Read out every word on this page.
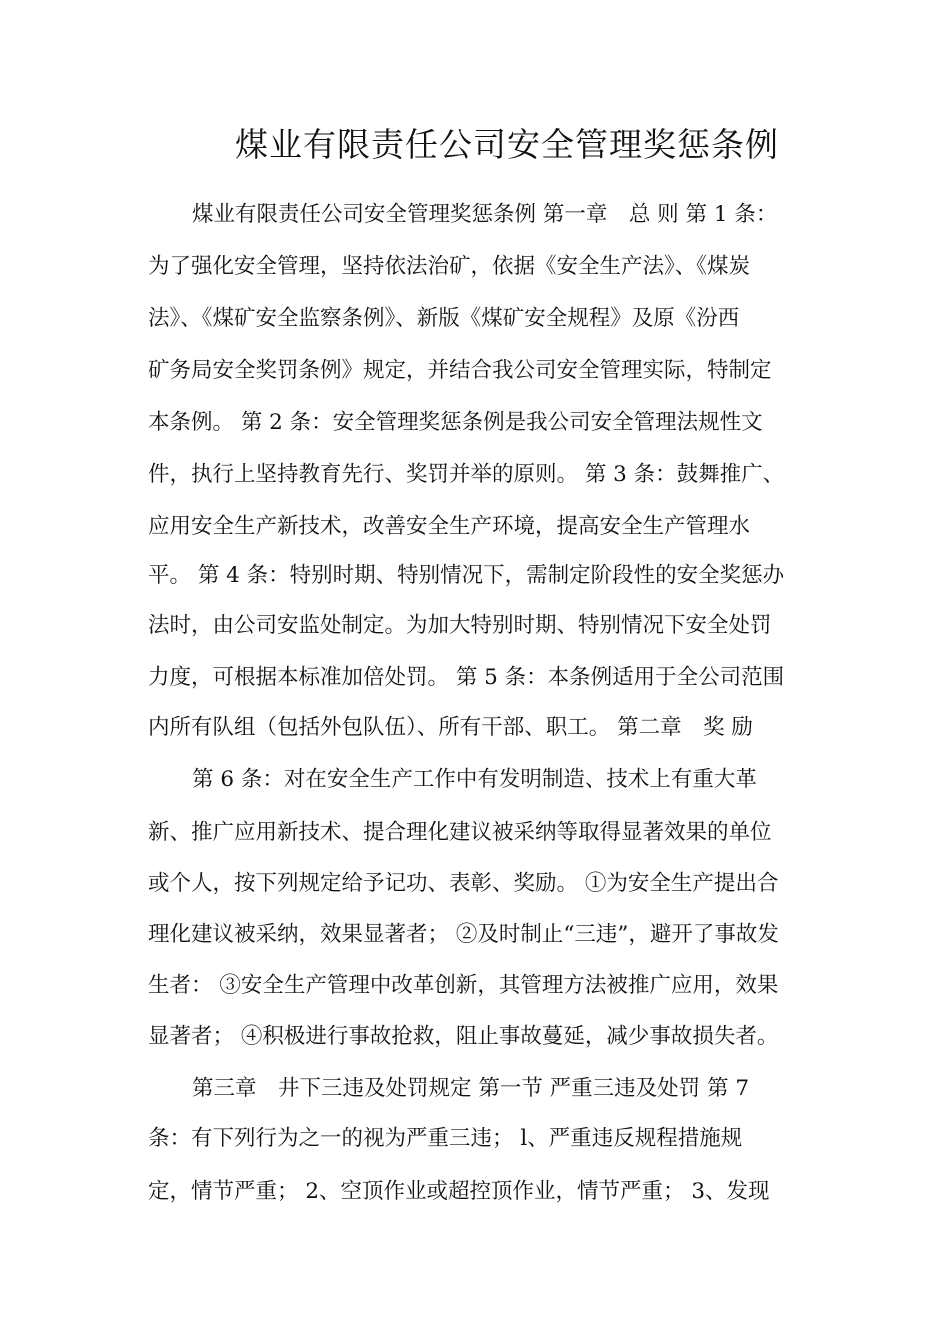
煤业有限责任公司安全管理奖惩条例
煤业有限责任公司安全管理奖惩条例 第一章　总 则 第 1 条：
为了强化安全管理，坚持依法治矿，依据《安全生产法》、《煤炭
法》、《煤矿安全监察条例》、新版《煤矿安全规程》及原《汾西
矿务局安全奖罚条例》规定，并结合我公司安全管理实际，特制定
本条例。 第 2 条：安全管理奖惩条例是我公司安全管理法规性文
件，执行上坚持教育先行、奖罚并举的原则。 第 3 条：鼓舞推广、
应用安全生产新技术，改善安全生产环境，提高安全生产管理水
平。 第 4 条：特别时期、特别情况下，需制定阶段性的安全奖惩办
法时，由公司安监处制定。为加大特别时期、特别情况下安全处罚
力度，可根据本标准加倍处罚。 第 5 条：本条例适用于全公司范围
内所有队组（包括外包队伍）、所有干部、职工。 第二章　奖 励
第 6 条：对在安全生产工作中有发明制造、技术上有重大革
新、推广应用新技术、提合理化建议被采纳等取得显著效果的单位
或个人，按下列规定给予记功、表彰、奖励。 ①为安全生产提出合
理化建议被采纳，效果显著者； ②及时制止“三违”，避开了事故发
生者： ③安全生产管理中改革创新，其管理方法被推广应用，效果
显著者； ④积极进行事故抢救，阻止事故蔓延，减少事故损失者。
第三章　井下三违及处罚规定 第一节 严重三违及处罚 第 7
条：有下列行为之一的视为严重三违； l、严重违反规程措施规
定，情节严重； 2、空顶作业或超控顶作业，情节严重； 3、发现
